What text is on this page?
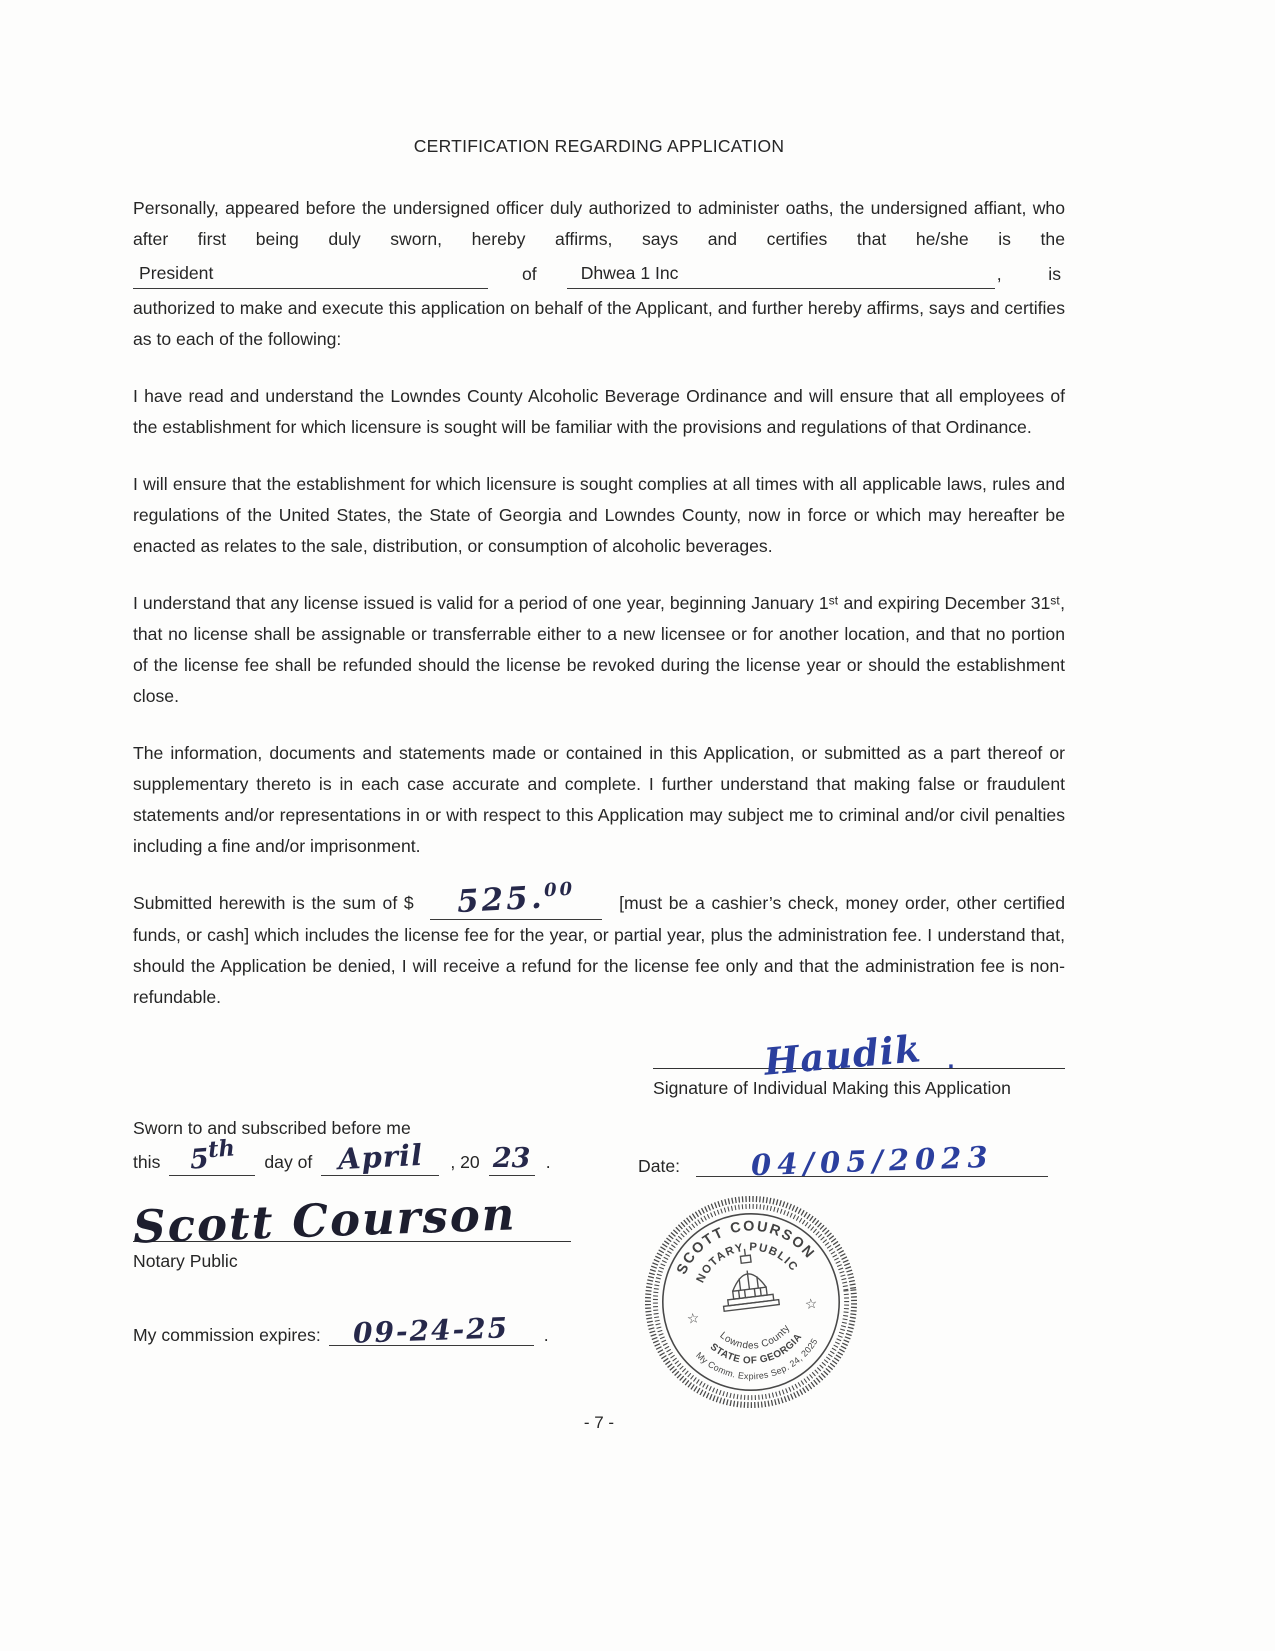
CERTIFICATION REGARDING APPLICATION

Personally, appeared before the undersigned officer duly authorized to administer oaths, the undersigned affiant, who after first being duly sworn, hereby affirms, says and certifies that he/she is the

President	of	Dhwea 1 Inc	,	is

authorized to make and execute this application on behalf of the Applicant, and further hereby affirms, says and certifies as to each of the following:

I have read and understand the Lowndes County Alcoholic Beverage Ordinance and will ensure that all employees of the establishment for which licensure is sought will be familiar with the provisions and regulations of that Ordinance.

I will ensure that the establishment for which licensure is sought complies at all times with all applicable laws, rules and regulations of the United States, the State of Georgia and Lowndes County, now in force or which may hereafter be enacted as relates to the sale, distribution, or consumption of alcoholic beverages.

I understand that any license issued is valid for a period of one year, beginning January 1ˢᵗ and expiring December 31ˢᵗ, that no license shall be assignable or transferrable either to a new licensee or for another location, and that no portion of the license fee shall be refunded should the license be revoked during the license year or should the establishment close.

The information, documents and statements made or contained in this Application, or submitted as a part thereof or supplementary thereto is in each case accurate and complete. I further understand that making false or fraudulent statements and/or representations in or with respect to this Application may subject me to criminal and/or civil penalties including a fine and/or imprisonment.

Submitted herewith is the sum of $ 525.00 [must be a cashier’s check, money order, other certified funds, or cash] which includes the license fee for the year, or partial year, plus the administration fee. I understand that, should the Application be denied, I will receive a refund for the license fee only and that the administration fee is non-refundable.

Haudik .
Signature of Individual Making this Application
Sworn to and subscribed before me
this	5th	day of April	, 20 23 .
Scott Courson
Notary Public
My commission expires:	09-24-25	.
Date:	04/05/2023
SCOTT COURSON
NOTARY PUBLIC
Lowndes County
STATE OF GEORGIA
My Comm. Expires Sep. 24, 2025
☆
☆
- 7 -
